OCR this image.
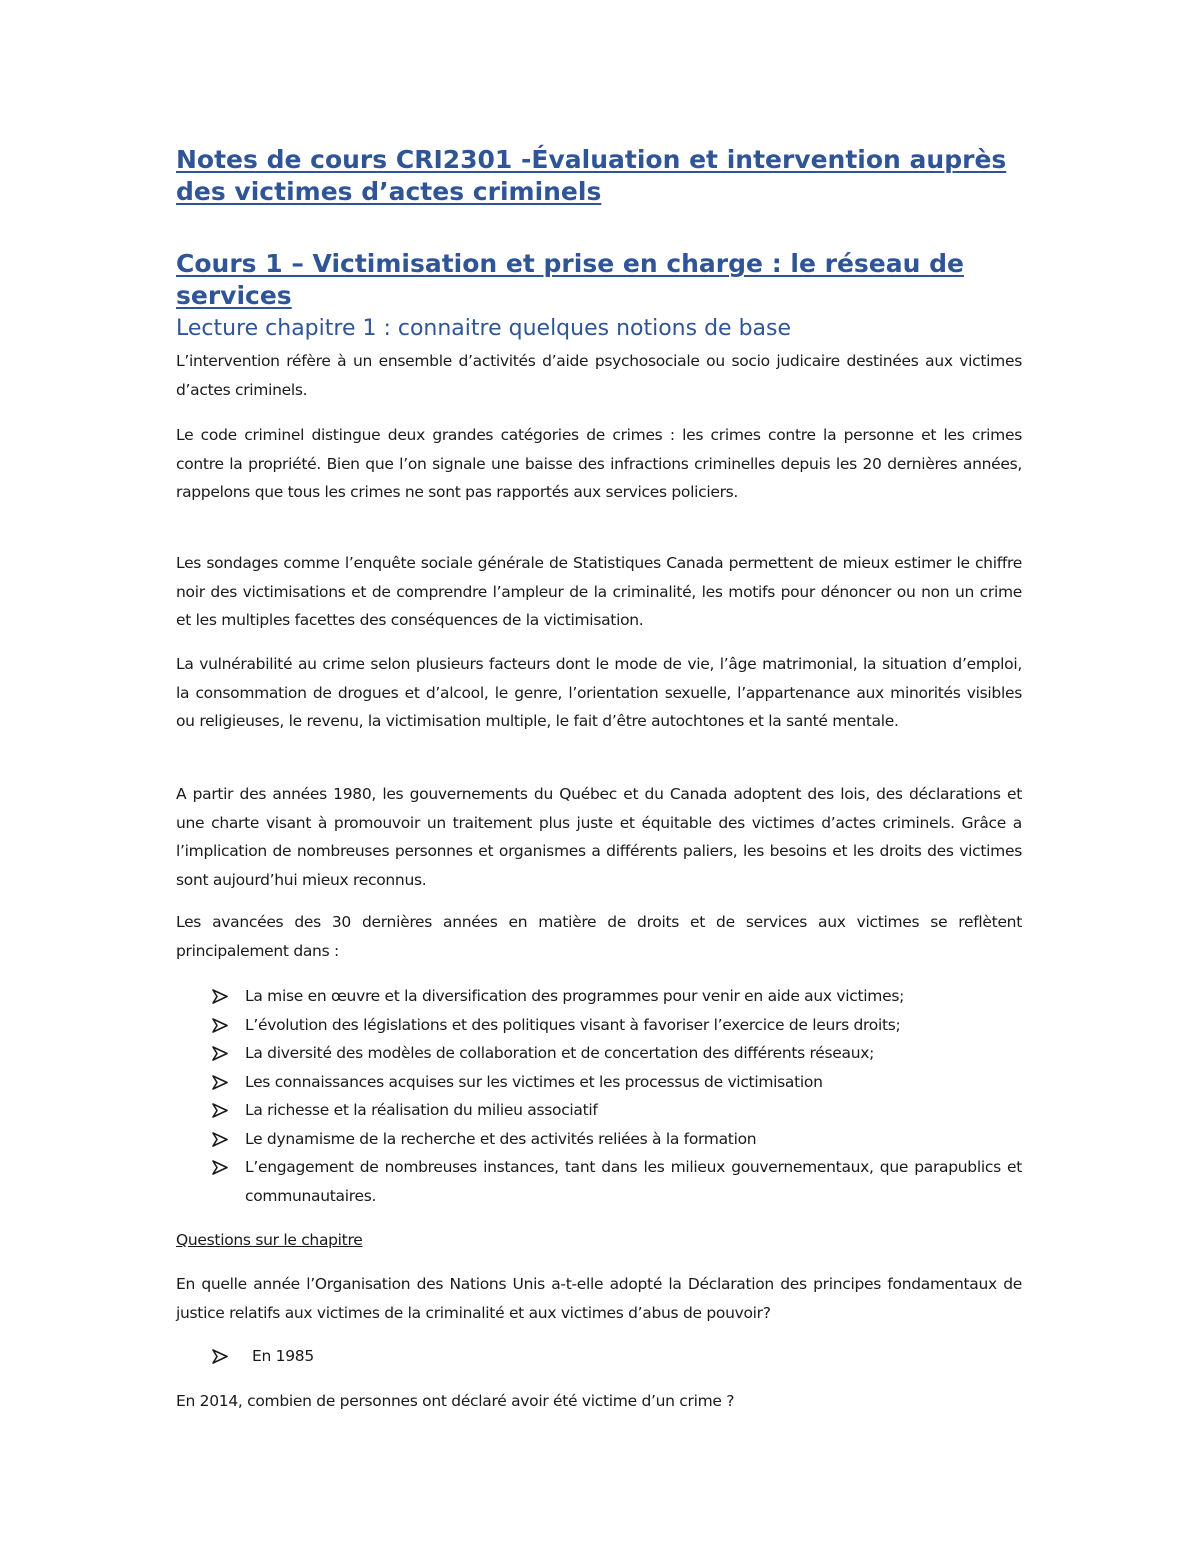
Notes de cours CRI2301 -Évaluation et intervention auprès des victimes d’actes criminels
Cours 1 – Victimisation et prise en charge : le réseau de services
Lecture chapitre 1 : connaitre quelques notions de base

L’intervention réfère à un ensemble d’activités d’aide psychosociale ou socio judicaire destinées aux victimes d’actes criminels.

Le code criminel distingue deux grandes catégories de crimes : les crimes contre la personne et les crimes contre la propriété. Bien que l’on signale une baisse des infractions criminelles depuis les 20 dernières années, rappelons que tous les crimes ne sont pas rapportés aux services policiers.

Les sondages comme l’enquête sociale générale de Statistiques Canada permettent de mieux estimer le chiffre noir des victimisations et de comprendre l’ampleur de la criminalité, les motifs pour dénoncer ou non un crime et les multiples facettes des conséquences de la victimisation.

La vulnérabilité au crime selon plusieurs facteurs dont le mode de vie, l’âge matrimonial, la situation d’emploi, la consommation de drogues et d’alcool, le genre, l’orientation sexuelle, l’appartenance aux minorités visibles ou religieuses, le revenu, la victimisation multiple, le fait d’être autochtones et la santé mentale.

A partir des années 1980, les gouvernements du Québec et du Canada adoptent des lois, des déclarations et une charte visant à promouvoir un traitement plus juste et équitable des victimes d’actes criminels. Grâce a l’implication de nombreuses personnes et organismes a différents paliers, les besoins et les droits des victimes sont aujourd’hui mieux reconnus.

Les avancées des 30 dernières années en matière de droits et de services aux victimes se reflètent principalement dans :

La mise en œuvre et la diversification des programmes pour venir en aide aux victimes;
L’évolution des législations et des politiques visant à favoriser l’exercice de leurs droits;
La diversité des modèles de collaboration et de concertation des différents réseaux;
Les connaissances acquises sur les victimes et les processus de victimisation
La richesse et la réalisation du milieu associatif
Le dynamisme de la recherche et des activités reliées à la formation
L’engagement de nombreuses instances, tant dans les milieux gouvernementaux, que parapublics et communautaires.

Questions sur le chapitre

En quelle année l’Organisation des Nations Unis a-t-elle adopté la Déclaration des principes fondamentaux de justice relatifs aux victimes de la criminalité et aux victimes d’abus de pouvoir?

En 1985

En 2014, combien de personnes ont déclaré avoir été victime d’un crime ?
